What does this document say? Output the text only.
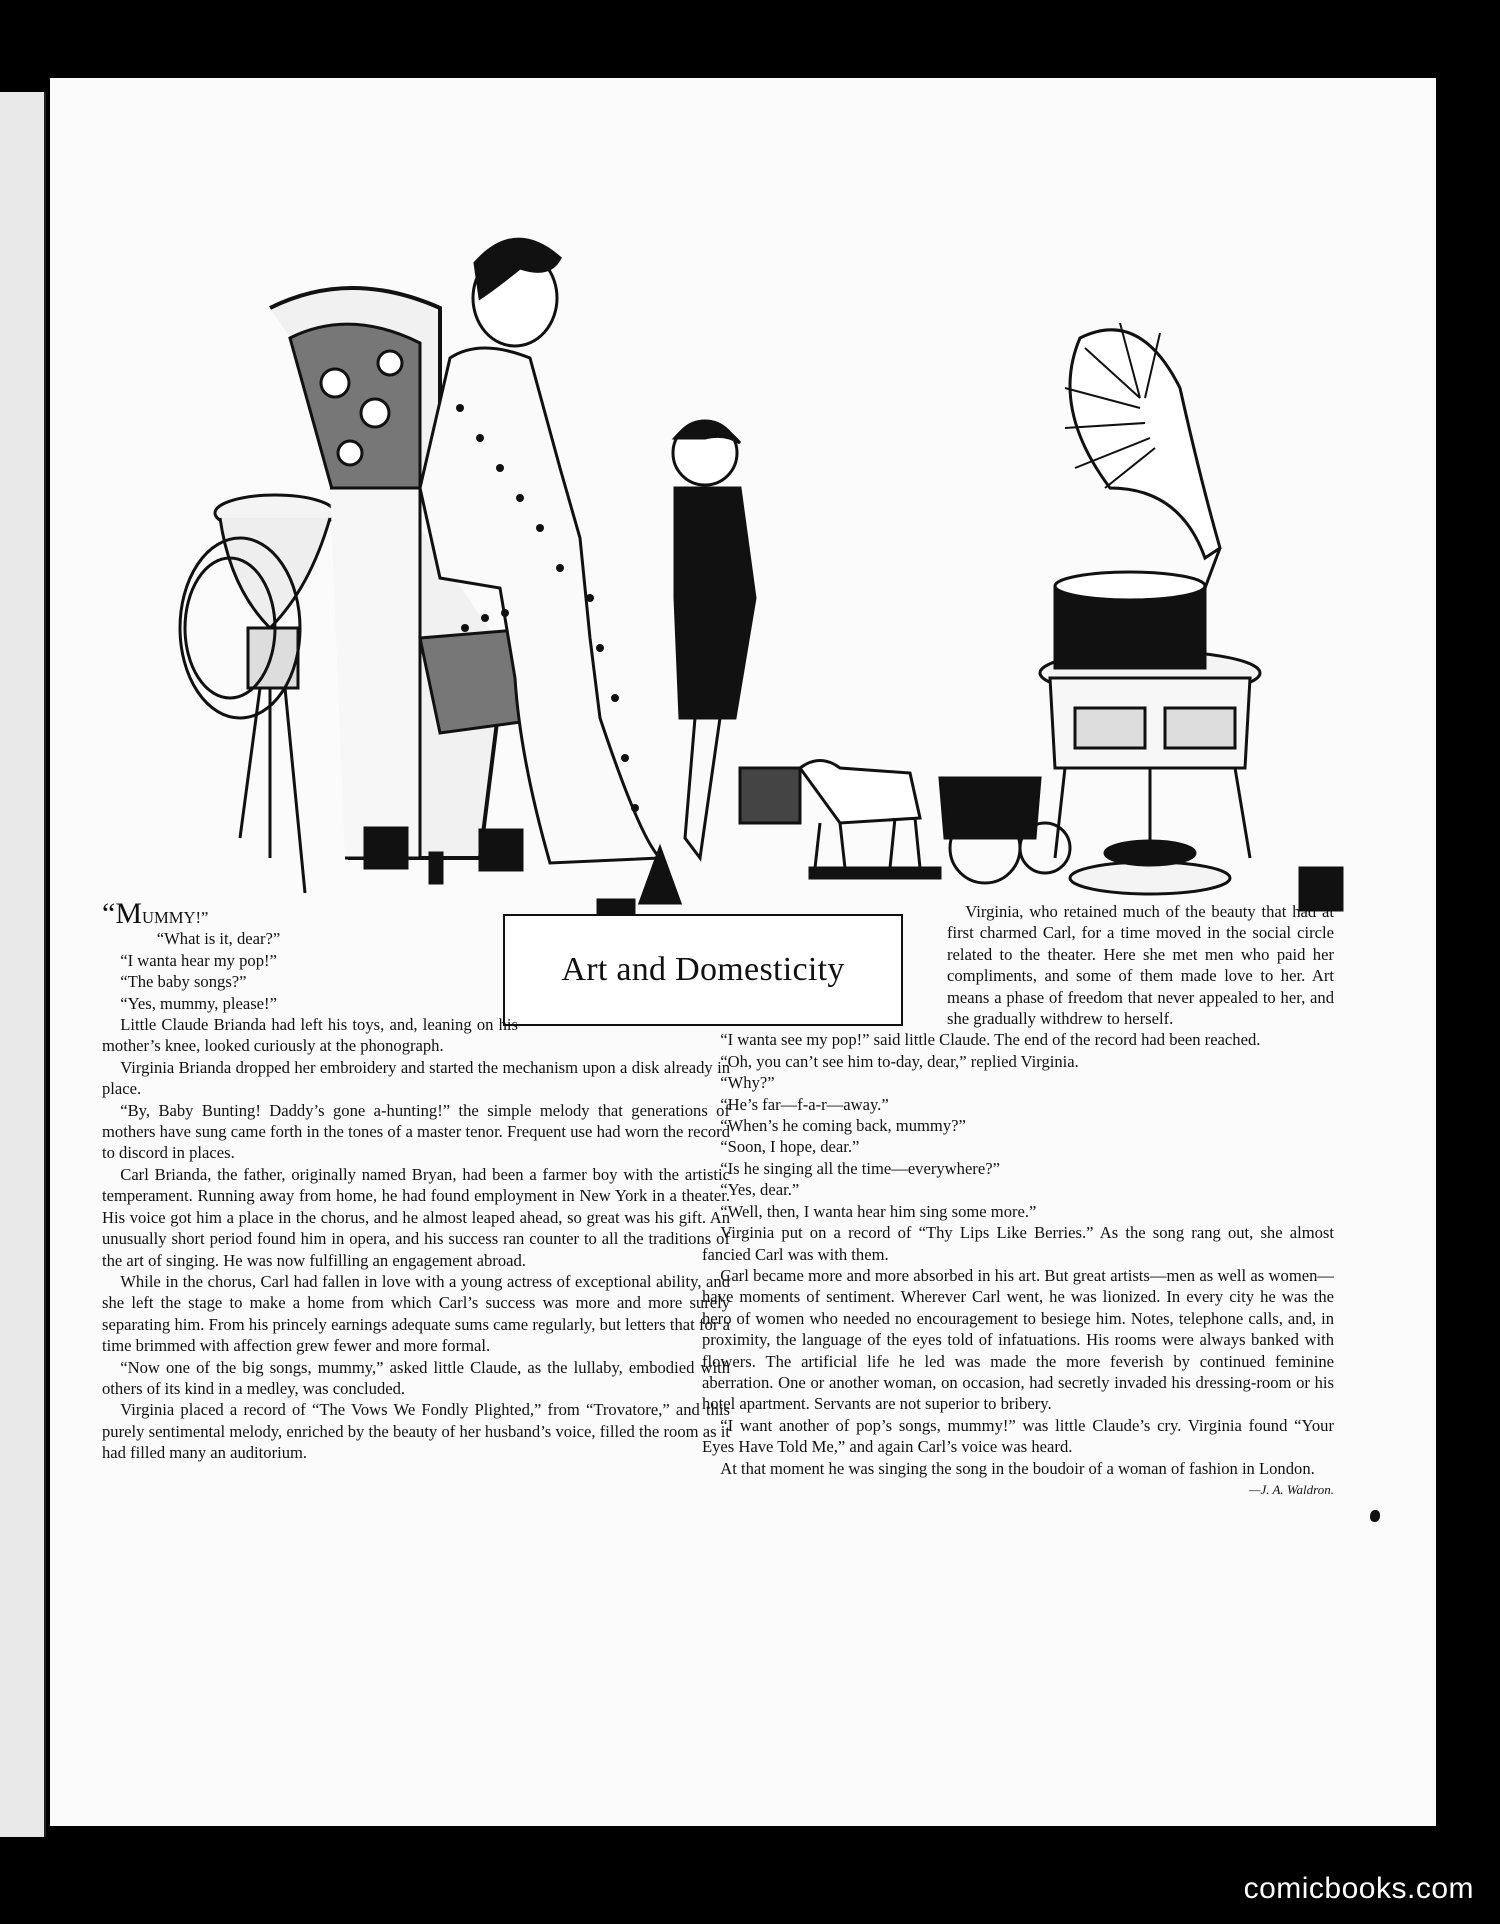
Art and Domesticity

“MUMMY!”

“What is it, dear?”

“I wanta hear my pop!”

“The baby songs?”

“Yes, mummy, please!”

Little Claude Brianda had left his toys, and, leaning on his mother’s knee, looked curiously at the phonograph.

Virginia Brianda dropped her embroidery and started the mechanism upon a disk already in place.

“By, Baby Bunting! Daddy’s gone a-hunting!” the simple melody that generations of mothers have sung came forth in the tones of a master tenor. Frequent use had worn the record to discord in places.

Carl Brianda, the father, originally named Bryan, had been a farmer boy with the artistic temperament. Running away from home, he had found employment in New York in a theater. His voice got him a place in the chorus, and he almost leaped ahead, so great was his gift. An unusually short period found him in opera, and his success ran counter to all the traditions of the art of singing. He was now fulfilling an engagement abroad.

While in the chorus, Carl had fallen in love with a young actress of exceptional ability, and she left the stage to make a home from which Carl’s success was more and more surely separating him. From his princely earnings adequate sums came regularly, but letters that for a time brimmed with affection grew fewer and more formal.

“Now one of the big songs, mummy,” asked little Claude, as the lullaby, embodied with others of its kind in a medley, was concluded.

Virginia placed a record of “The Vows We Fondly Plighted,” from “Trovatore,” and this purely sentimental melody, enriched by the beauty of her husband’s voice, filled the room as it had filled many an auditorium.

Virginia, who retained much of the beauty that had at first charmed Carl, for a time moved in the social circle related to the theater. Here she met men who paid her compliments, and some of them made love to her. Art means a phase of freedom that never appealed to her, and she gradually withdrew to herself.

“I wanta see my pop!” said little Claude. The end of the record had been reached.

“Oh, you can’t see him to-day, dear,” replied Virginia.

“Why?”

“He’s far—f-a-r—away.”

“When’s he coming back, mummy?”

“Soon, I hope, dear.”

“Is he singing all the time—everywhere?”

“Yes, dear.”

“Well, then, I wanta hear him sing some more.”

Virginia put on a record of “Thy Lips Like Berries.” As the song rang out, she almost fancied Carl was with them.

Carl became more and more absorbed in his art. But great artists—men as well as women—have moments of sentiment. Wherever Carl went, he was lionized. In every city he was the hero of women who needed no encouragement to besiege him. Notes, telephone calls, and, in proximity, the language of the eyes told of infatuations. His rooms were always banked with flowers. The artificial life he led was made the more feverish by continued feminine aberration. One or another woman, on occasion, had secretly invaded his dressing-room or his hotel apartment. Servants are not superior to bribery.

“I want another of pop’s songs, mummy!” was little Claude’s cry. Virginia found “Your Eyes Have Told Me,” and again Carl’s voice was heard.

At that moment he was singing the song in the boudoir of a woman of fashion in London.
—J. A. Waldron.

comicbooks.com
